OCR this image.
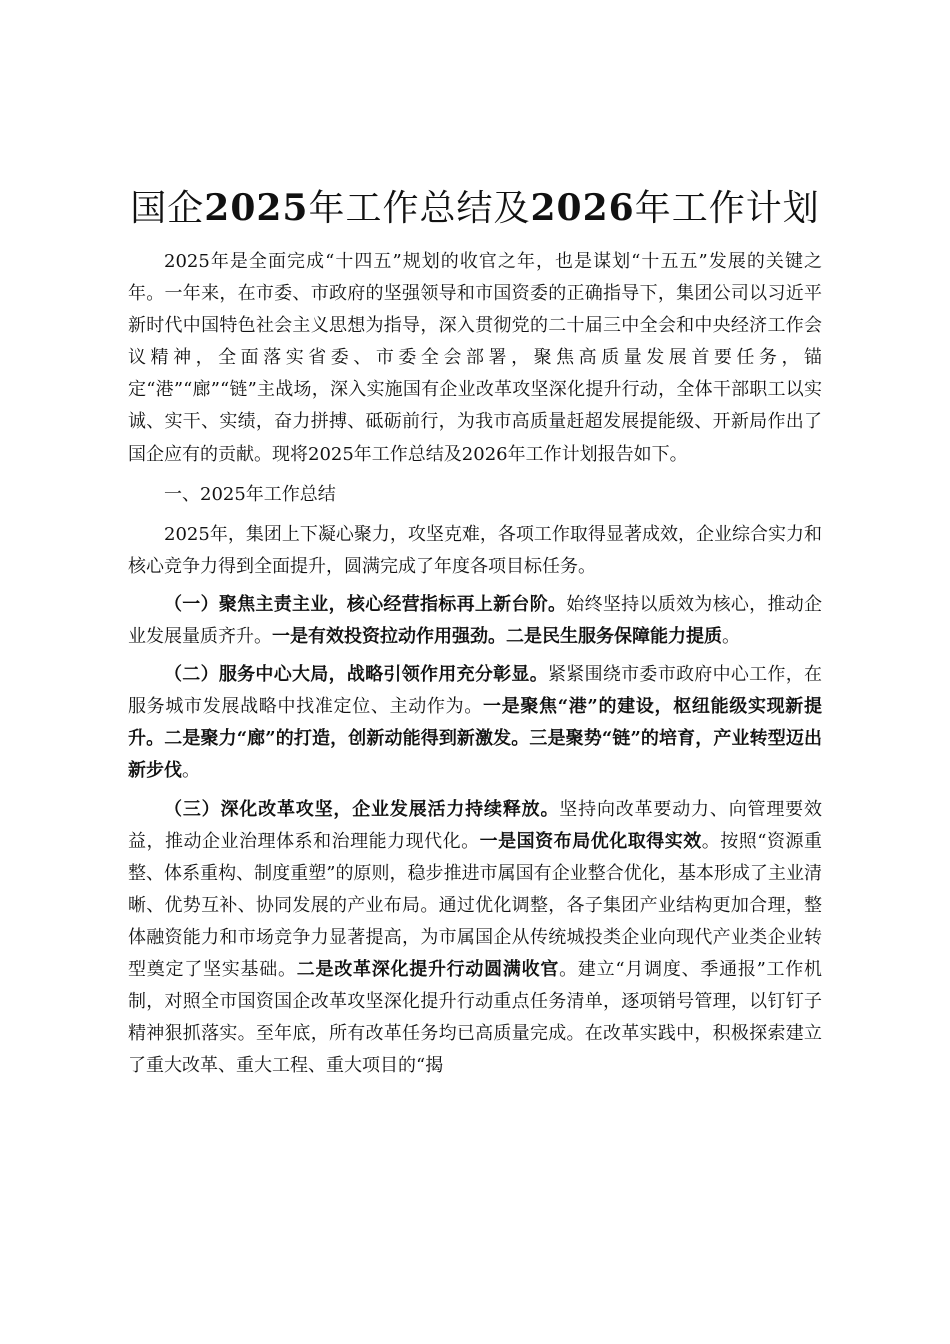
国企2025年工作总结及2026年工作计划

2025年是全面完成“十四五”规划的收官之年，也是谋划“十五五”发展的关键之年。一年来，在市委、市政府的坚强领导和市国资委的正确指导下，集团公司以习近平新时代中国特色社会主义思想为指导，深入贯彻党的二十届三中全会和中央经济工作会议精神，全面落实省委、市委全会部署，聚焦高质量发展首要任务，锚定“港”“廊”“链”主战场，深入实施国有企业改革攻坚深化提升行动，全体干部职工以实诚、实干、实绩，奋力拼搏、砥砺前行，为我市高质量赶超发展提能级、开新局作出了国企应有的贡献。现将2025年工作总结及2026年工作计划报告如下。

一、2025年工作总结

2025年，集团上下凝心聚力，攻坚克难，各项工作取得显著成效，企业综合实力和核心竞争力得到全面提升，圆满完成了年度各项目标任务。

（一）聚焦主责主业，核心经营指标再上新台阶。始终坚持以质效为核心，推动企业发展量质齐升。一是有效投资拉动作用强劲。二是民生服务保障能力提质。

（二）服务中心大局，战略引领作用充分彰显。紧紧围绕市委市政府中心工作，在服务城市发展战略中找准定位、主动作为。一是聚焦“港”的建设，枢纽能级实现新提升。二是聚力“廊”的打造，创新动能得到新激发。三是聚势“链”的培育，产业转型迈出新步伐。

（三）深化改革攻坚，企业发展活力持续释放。坚持向改革要动力、向管理要效益，推动企业治理体系和治理能力现代化。一是国资布局优化取得实效。按照“资源重整、体系重构、制度重塑”的原则，稳步推进市属国有企业整合优化，基本形成了主业清晰、优势互补、协同发展的产业布局。通过优化调整，各子集团产业结构更加合理，整体融资能力和市场竞争力显著提高，为市属国企从传统城投类企业向现代产业类企业转型奠定了坚实基础。二是改革深化提升行动圆满收官。建立“月调度、季通报”工作机制，对照全市国资国企改革攻坚深化提升行动重点任务清单，逐项销号管理，以钉钉子精神狠抓落实。至年底，所有改革任务均已高质量完成。在改革实践中，积极探索建立了重大改革、重大工程、重大项目的“揭
